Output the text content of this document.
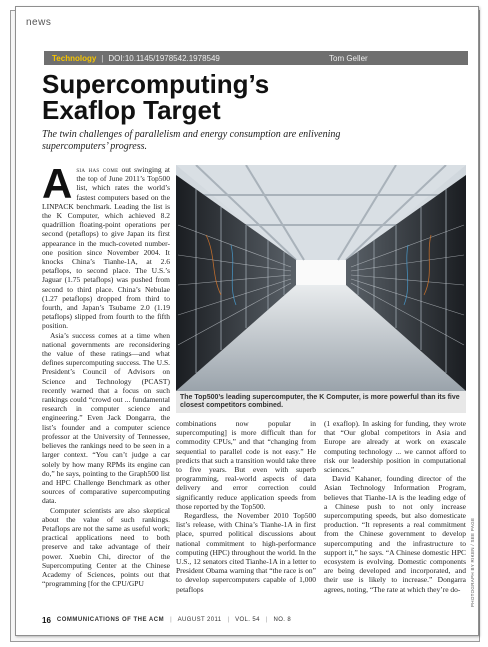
news
Technology | DOI:10.1145/1978542.1978549	Tom Geller
Supercomputing’s
Exaflop Target
The twin challenges of parallelism and energy consumption are enlivening supercomputers’ progress.

Asia has come out swinging at the top of June 2011’s Top500 list, which rates the world’s fastest computers based on the LINPACK benchmark. Leading the list is the K Computer, which achieved 8.2 quadrillion floating-point operations per second (petaflops) to give Japan its first appearance in the much-coveted number-one position since November 2004. It knocks China’s Tianhe-1A, at 2.6 petaflops, to second place. The U.S.’s Jaguar (1.75 petaflops) was pushed from second to third place. China’s Nebulae (1.27 petaflops) dropped from third to fourth, and Japan’s Tsubame 2.0 (1.19 petaflops) slipped from fourth to the fifth position.

Asia’s success comes at a time when national governments are reconsidering the value of these ratings—and what defines supercomputing success. The U.S. President’s Council of Advisors on Science and Technology (PCAST) recently warned that a focus on such rankings could “crowd out ... fundamental research in computer science and engineering.” Even Jack Dongarra, the list’s founder and a computer science professor at the University of Tennessee, believes the rankings need to be seen in a larger context. “You can’t judge a car solely by how many RPMs its engine can do,” he says, pointing to the Graph500 list and HPC Challenge Benchmark as other sources of comparative supercomputing data.

Computer scientists are also skeptical about the value of such rankings. Petaflops are not the same as useful work; practical applications need to both preserve and take advantage of their power. Xuebin Chi, director of the Supercomputing Center at the Chinese Academy of Sciences, points out that “programming [for the CPU/GPU

The Top500’s leading supercomputer, the K Computer, is more powerful than its five closest competitors combined.
PHOTOGRAPH BY RIKEN / SEE PAGE

combinations now popular in supercomputing] is more difficult than for commodity CPUs,” and that “changing from sequential to parallel code is not easy.” He predicts that such a transition would take three to five years. But even with superb programming, real-world aspects of data delivery and error correction could significantly reduce application speeds from those reported by the Top500.

Regardless, the November 2010 Top500 list’s release, with China’s Tianhe-1A in first place, spurred political discussions about national commitment to high-performance computing (HPC) throughout the world. In the U.S., 12 senators cited Tianhe-1A in a letter to President Obama warning that “the race is on” to develop supercomputers capable of 1,000 petaflops

(1 exaflop). In asking for funding, they wrote that “Our global competitors in Asia and Europe are already at work on exascale computing technology ... we cannot afford to risk our leadership position in computational sciences.”

David Kahaner, founding director of the Asian Technology Information Program, believes that Tianhe-1A is the leading edge of a Chinese push to not only increase supercomputing speeds, but also domesticate production. “It represents a real commitment from the Chinese government to develop supercomputing and the infrastructure to support it,” he says. “A Chinese domestic HPC ecosystem is evolving. Domestic components are being developed and incorporated, and their use is likely to increase.” Dongarra agrees, noting, “The rate at which they’re do-

16 COMMUNICATIONS OF THE ACM | AUGUST 2011 | VOL. 54 | NO. 8
